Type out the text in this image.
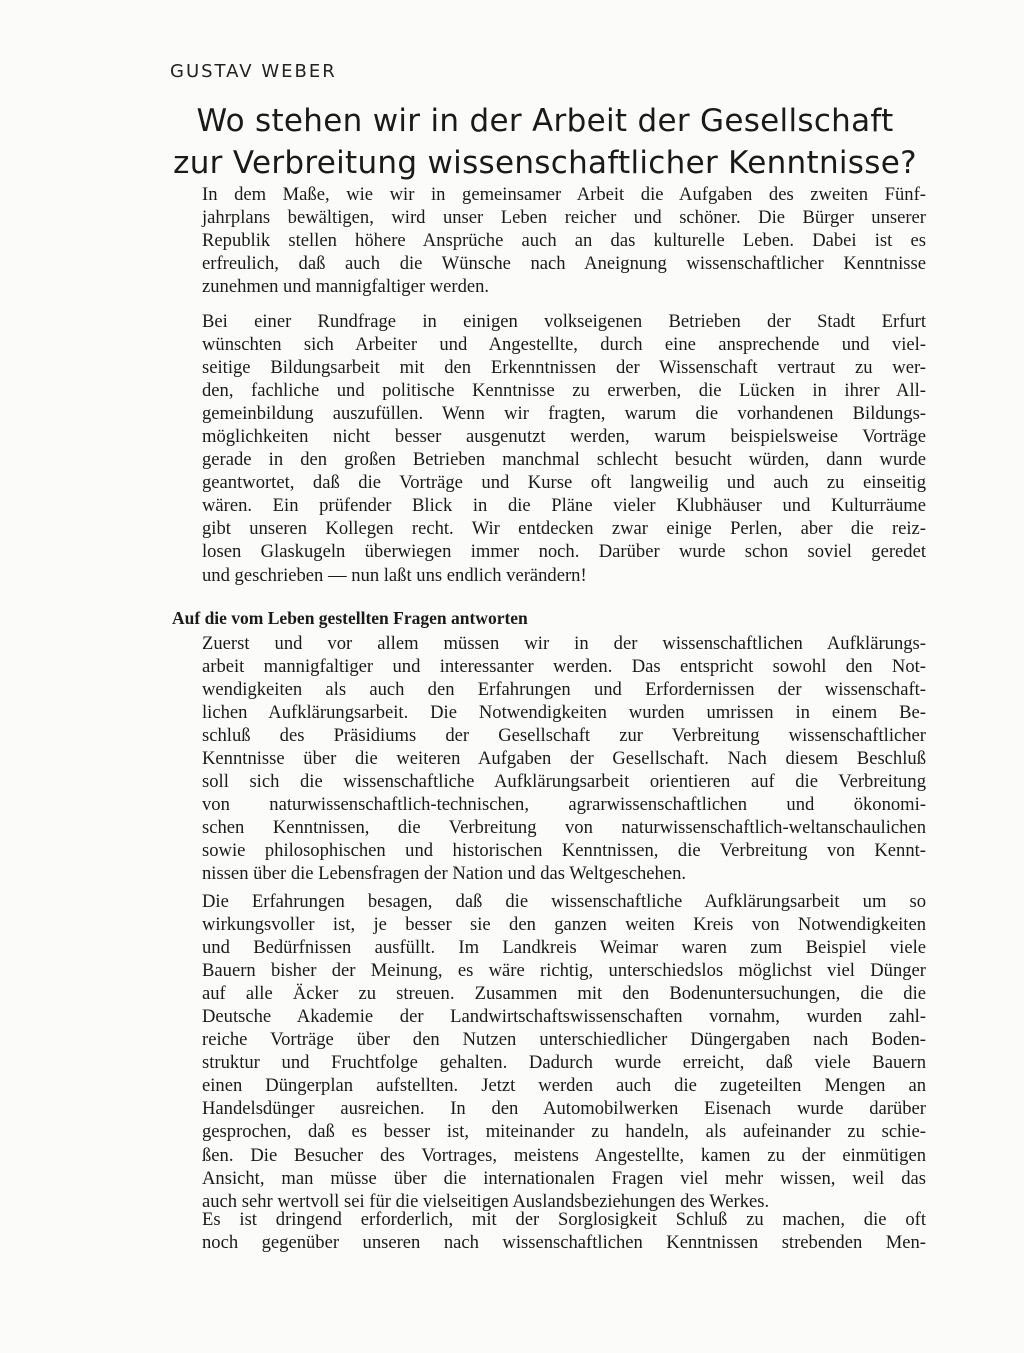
GUSTAV WEBER
Wo stehen wir in der Arbeit der Gesellschaft
zur Verbreitung wissenschaftlicher Kenntnisse?

In dem Maße, wie wir in gemeinsamer Arbeit die Aufgaben des zweiten Fünf-
jahrplans bewältigen, wird unser Leben reicher und schöner. Die Bürger unserer
Republik stellen höhere Ansprüche auch an das kulturelle Leben. Dabei ist es
erfreulich, daß auch die Wünsche nach Aneignung wissenschaftlicher Kenntnisse
zunehmen und mannigfaltiger werden.

Bei einer Rundfrage in einigen volkseigenen Betrieben der Stadt Erfurt
wünschten sich Arbeiter und Angestellte, durch eine ansprechende und viel-
seitige Bildungsarbeit mit den Erkenntnissen der Wissenschaft vertraut zu wer-
den, fachliche und politische Kenntnisse zu erwerben, die Lücken in ihrer All-
gemeinbildung auszufüllen. Wenn wir fragten, warum die vorhandenen Bildungs-
möglichkeiten nicht besser ausgenutzt werden, warum beispielsweise Vorträge
gerade in den großen Betrieben manchmal schlecht besucht würden, dann wurde
geantwortet, daß die Vorträge und Kurse oft langweilig und auch zu einseitig
wären. Ein prüfender Blick in die Pläne vieler Klubhäuser und Kulturräume
gibt unseren Kollegen recht. Wir entdecken zwar einige Perlen, aber die reiz-
losen Glaskugeln überwiegen immer noch. Darüber wurde schon soviel geredet
und geschrieben — nun laßt uns endlich verändern!

Auf die vom Leben gestellten Fragen antworten

Zuerst und vor allem müssen wir in der wissenschaftlichen Aufklärungs-
arbeit mannigfaltiger und interessanter werden. Das entspricht sowohl den Not-
wendigkeiten als auch den Erfahrungen und Erfordernissen der wissenschaft-
lichen Aufklärungsarbeit. Die Notwendigkeiten wurden umrissen in einem Be-
schluß des Präsidiums der Gesellschaft zur Verbreitung wissenschaftlicher
Kenntnisse über die weiteren Aufgaben der Gesellschaft. Nach diesem Beschluß
soll sich die wissenschaftliche Aufklärungsarbeit orientieren auf die Verbreitung
von naturwissenschaftlich-technischen, agrarwissenschaftlichen und ökonomi-
schen Kenntnissen, die Verbreitung von naturwissenschaftlich-weltanschaulichen
sowie philosophischen und historischen Kenntnissen, die Verbreitung von Kennt-
nissen über die Lebensfragen der Nation und das Weltgeschehen.

Die Erfahrungen besagen, daß die wissenschaftliche Aufklärungsarbeit um so
wirkungsvoller ist, je besser sie den ganzen weiten Kreis von Notwendigkeiten
und Bedürfnissen ausfüllt. Im Landkreis Weimar waren zum Beispiel viele
Bauern bisher der Meinung, es wäre richtig, unterschiedslos möglichst viel Dünger
auf alle Äcker zu streuen. Zusammen mit den Bodenuntersuchungen, die die
Deutsche Akademie der Landwirtschaftswissenschaften vornahm, wurden zahl-
reiche Vorträge über den Nutzen unterschiedlicher Düngergaben nach Boden-
struktur und Fruchtfolge gehalten. Dadurch wurde erreicht, daß viele Bauern
einen Düngerplan aufstellten. Jetzt werden auch die zugeteilten Mengen an
Handelsdünger ausreichen. In den Automobilwerken Eisenach wurde darüber
gesprochen, daß es besser ist, miteinander zu handeln, als aufeinander zu schie-
ßen. Die Besucher des Vortrages, meistens Angestellte, kamen zu der einmütigen
Ansicht, man müsse über die internationalen Fragen viel mehr wissen, weil das
auch sehr wertvoll sei für die vielseitigen Auslandsbeziehungen des Werkes.

Es ist dringend erforderlich, mit der Sorglosigkeit Schluß zu machen, die oft
noch gegenüber unseren nach wissenschaftlichen Kenntnissen strebenden Men-
